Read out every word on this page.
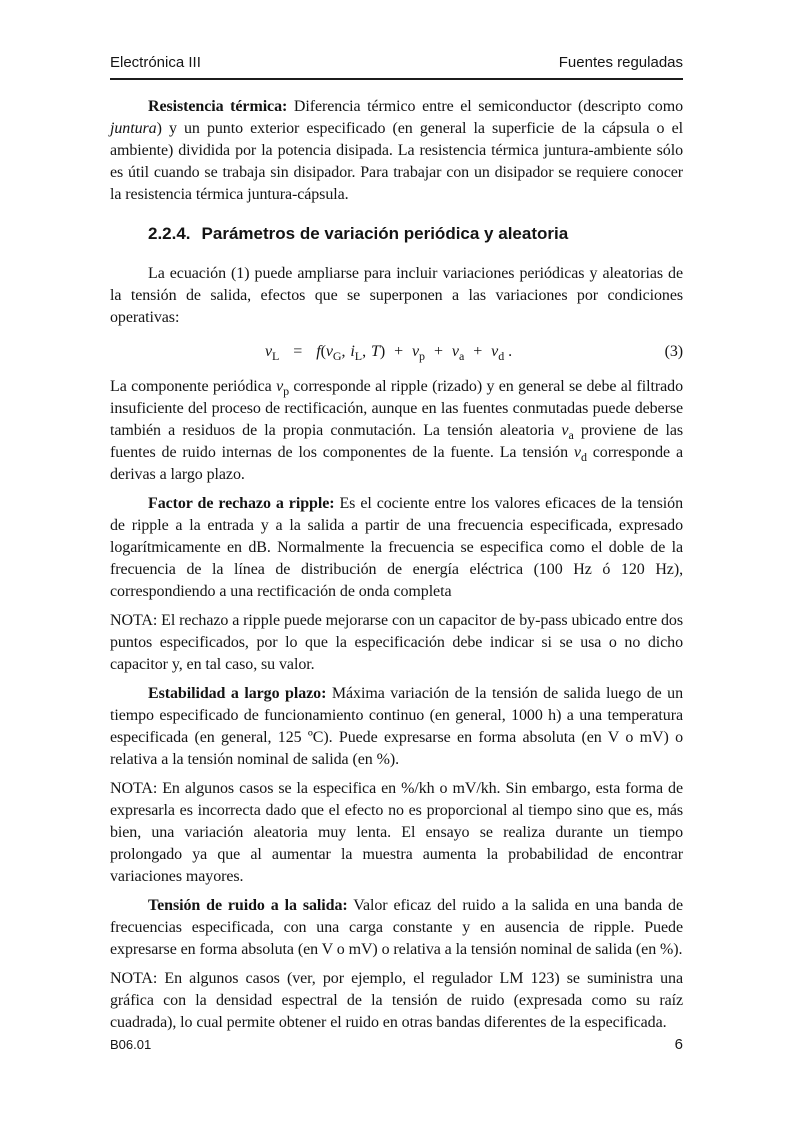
Electrónica III	Fuentes reguladas

Resistencia térmica: Diferencia térmico entre el semiconductor (descripto como juntura) y un punto exterior especificado (en general la superficie de la cápsula o el ambiente) dividida por la potencia disipada. La resistencia térmica juntura-ambiente sólo es útil cuando se trabaja sin disipador. Para trabajar con un disipador se requiere conocer la resistencia térmica juntura-cápsula.

2.2.4. Parámetros de variación periódica y aleatoria

La ecuación (1) puede ampliarse para incluir variaciones periódicas y aleatorias de la tensión de salida, efectos que se superponen a las variaciones por condiciones operativas:

$v_L = f(v_G$, $i_L$, $T) + v_p + v_a + v_d$ .	(3)

La componente periódica $v_p$ corresponde al ripple (rizado) y en general se debe al filtrado insuficiente del proceso de rectificación, aunque en las fuentes conmutadas puede deberse también a residuos de la propia conmutación. La tensión aleatoria $v_a$ proviene de las fuentes de ruido internas de los componentes de la fuente. La tensión $v_d$ corresponde a derivas a largo plazo.

Factor de rechazo a ripple: Es el cociente entre los valores eficaces de la tensión de ripple a la entrada y a la salida a partir de una frecuencia especificada, expresado logarítmicamente en dB. Normalmente la frecuencia se especifica como el doble de la frecuencia de la línea de distribución de energía eléctrica (100 Hz ó 120 Hz), correspondiendo a una rectificación de onda completa

NOTA: El rechazo a ripple puede mejorarse con un capacitor de by-pass ubicado entre dos puntos especificados, por lo que la especificación debe indicar si se usa o no dicho capacitor y, en tal caso, su valor.

Estabilidad a largo plazo: Máxima variación de la tensión de salida luego de un tiempo especificado de funcionamiento continuo (en general, 1000 h) a una temperatura especificada (en general, 125 ºC). Puede expresarse en forma absoluta (en V o mV) o relativa a la tensión nominal de salida (en %).

NOTA: En algunos casos se la especifica en %/kh o mV/kh. Sin embargo, esta forma de expresarla es incorrecta dado que el efecto no es proporcional al tiempo sino que es, más bien, una variación aleatoria muy lenta. El ensayo se realiza durante un tiempo prolongado ya que al aumentar la muestra aumenta la probabilidad de encontrar variaciones mayores.

Tensión de ruido a la salida: Valor eficaz del ruido a la salida en una banda de frecuencias especificada, con una carga constante y en ausencia de ripple. Puede expresarse en forma absoluta (en V o mV) o relativa a la tensión nominal de salida (en %).

NOTA: En algunos casos (ver, por ejemplo, el regulador LM 123) se suministra una gráfica con la densidad espectral de la tensión de ruido (expresada como su raíz cuadrada), lo cual permite obtener el ruido en otras bandas diferentes de la especificada.

B06.01	6
